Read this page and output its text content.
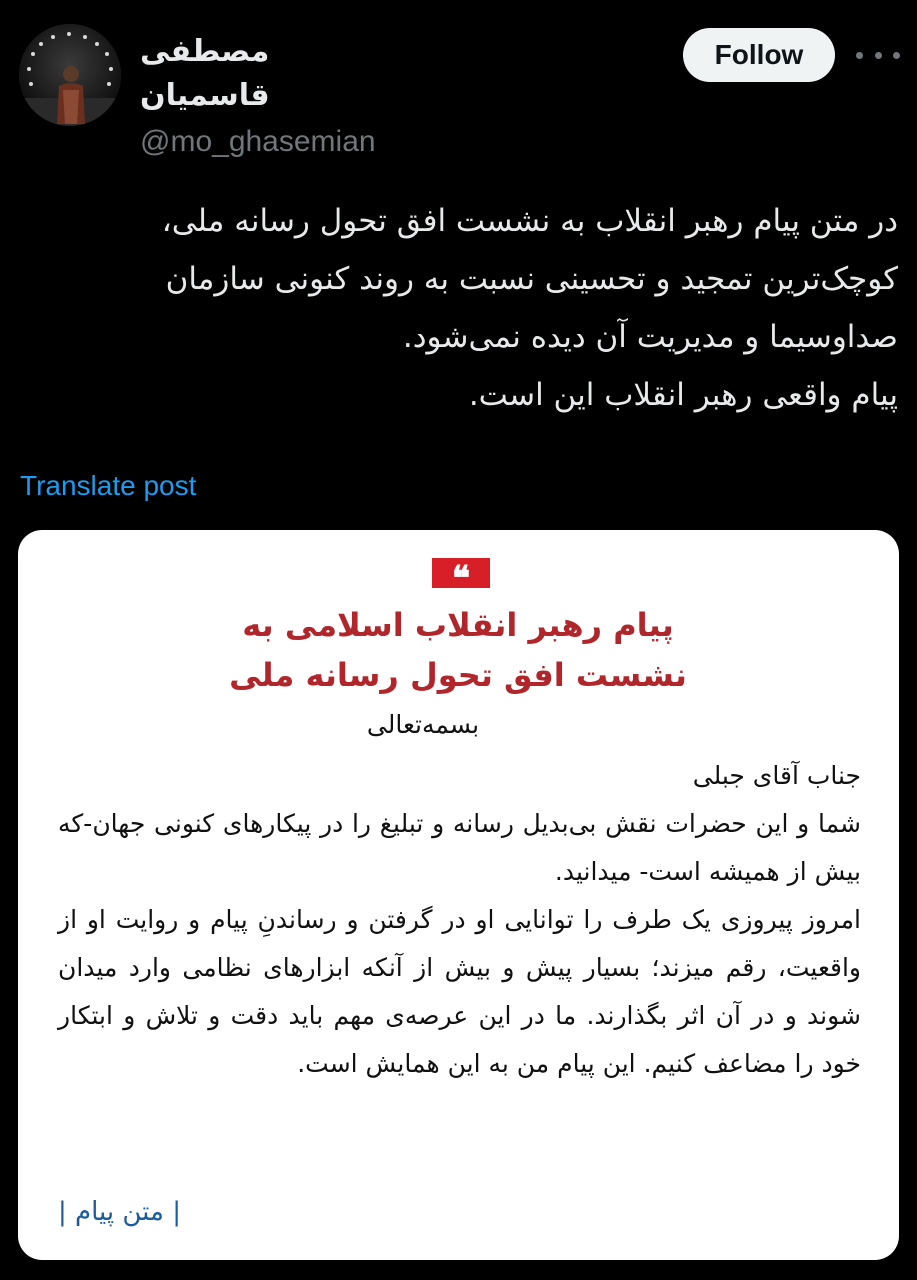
مصطفی قاسمیان
@mo_ghasemian
Follow
در متن پیام رهبر انقلاب به نشست افق تحول رسانه ملی،
کوچک‌ترین تمجید و تحسینی نسبت به روند کنونی سازمان
صداوسیما و مدیریت آن دیده نمی‌شود.
پیام واقعی رهبر انقلاب این است.
Translate post
❝
پیام رهبر انقلاب اسلامی به
نشست افق تحول رسانه ملی
بسمه‌تعالی

جناب آقای جبلی

شما و این حضرات نقش بی‌بدیل رسانه و تبلیغ را در پیکارهای کنونی جهان-که بیش از همیشه است- میدانید.

امروز پیروزی یک طرف را توانایی او در گرفتن و رساندنِ پیام و روایت او از واقعیت، رقم میزند؛ بسیار پیش و بیش از آنکه ابزارهای نظامی وارد میدان شوند و در آن اثر بگذارند. ما در این عرصه‌ی مهم باید دقت و تلاش و ابتکار خود را مضاعف کنیم. این پیام من به این همایش است.

| متن پیام |
